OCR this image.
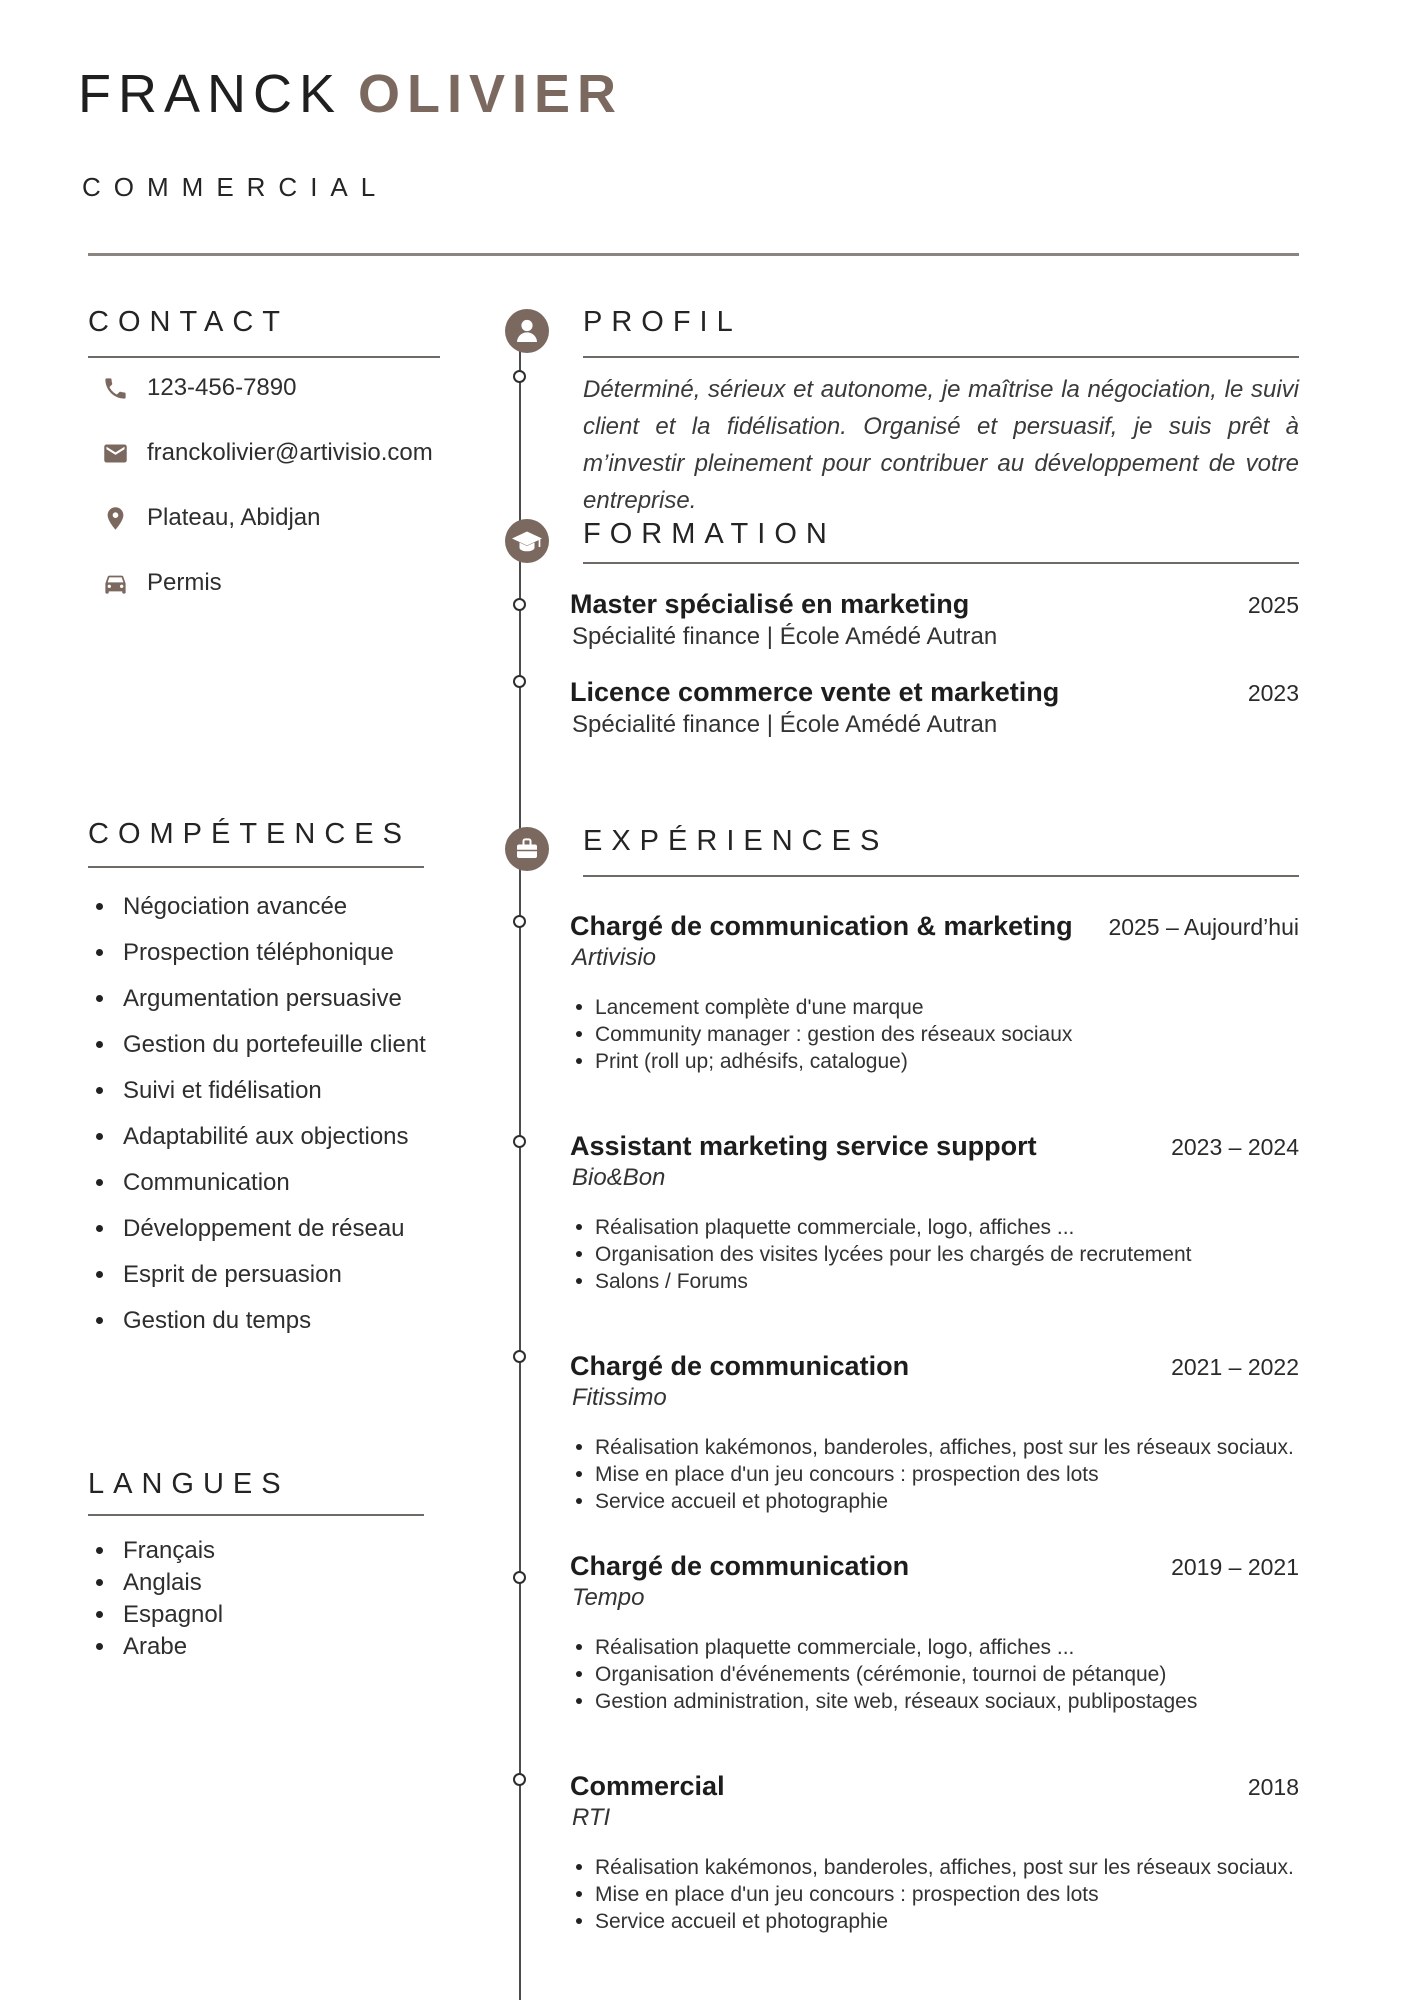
FRANCK OLIVIER
COMMERCIAL
CONTACT
123-456-7890
franckolivier@artivisio.com
Plateau, Abidjan
Permis
COMPÉTENCES
Négociation avancée
Prospection téléphonique
Argumentation persuasive
Gestion du portefeuille client
Suivi et fidélisation
Adaptabilité aux objections
Communication
Développement de réseau
Esprit de persuasion
Gestion du temps
LANGUES
Français
Anglais
Espagnol
Arabe
PROFIL

Déterminé, sérieux et autonome, je maîtrise la négociation, le suivi client et la fidélisation. Organisé et persuasif, je suis prêt à m’investir pleinement pour contribuer au développement de votre entreprise.

FORMATION
Master spécialisé en marketing	2025
Spécialité finance | École Amédé Autran
Licence commerce vente et marketing	2023
Spécialité finance | École Amédé Autran
EXPÉRIENCES
Chargé de communication & marketing 2025 – Aujourd’hui
Artivisio
Lancement complète d'une marque
Community manager : gestion des réseaux sociaux
Print (roll up; adhésifs, catalogue)
Assistant marketing service support	2023 – 2024
Bio&Bon
Réalisation plaquette commerciale, logo, affiches ...
Organisation des visites lycées pour les chargés de recrutement
Salons / Forums
Chargé de communication	2021 – 2022
Fitissimo
Réalisation kakémonos, banderoles, affiches, post sur les réseaux sociaux.
Mise en place d'un jeu concours : prospection des lots
Service accueil et photographie
Chargé de communication	2019 – 2021
Tempo
Réalisation plaquette commerciale, logo, affiches ...
Organisation d'événements (cérémonie, tournoi de pétanque)
Gestion administration, site web, réseaux sociaux, publipostages
Commercial	2018
RTI
Réalisation kakémonos, banderoles, affiches, post sur les réseaux sociaux.
Mise en place d'un jeu concours : prospection des lots
Service accueil et photographie
